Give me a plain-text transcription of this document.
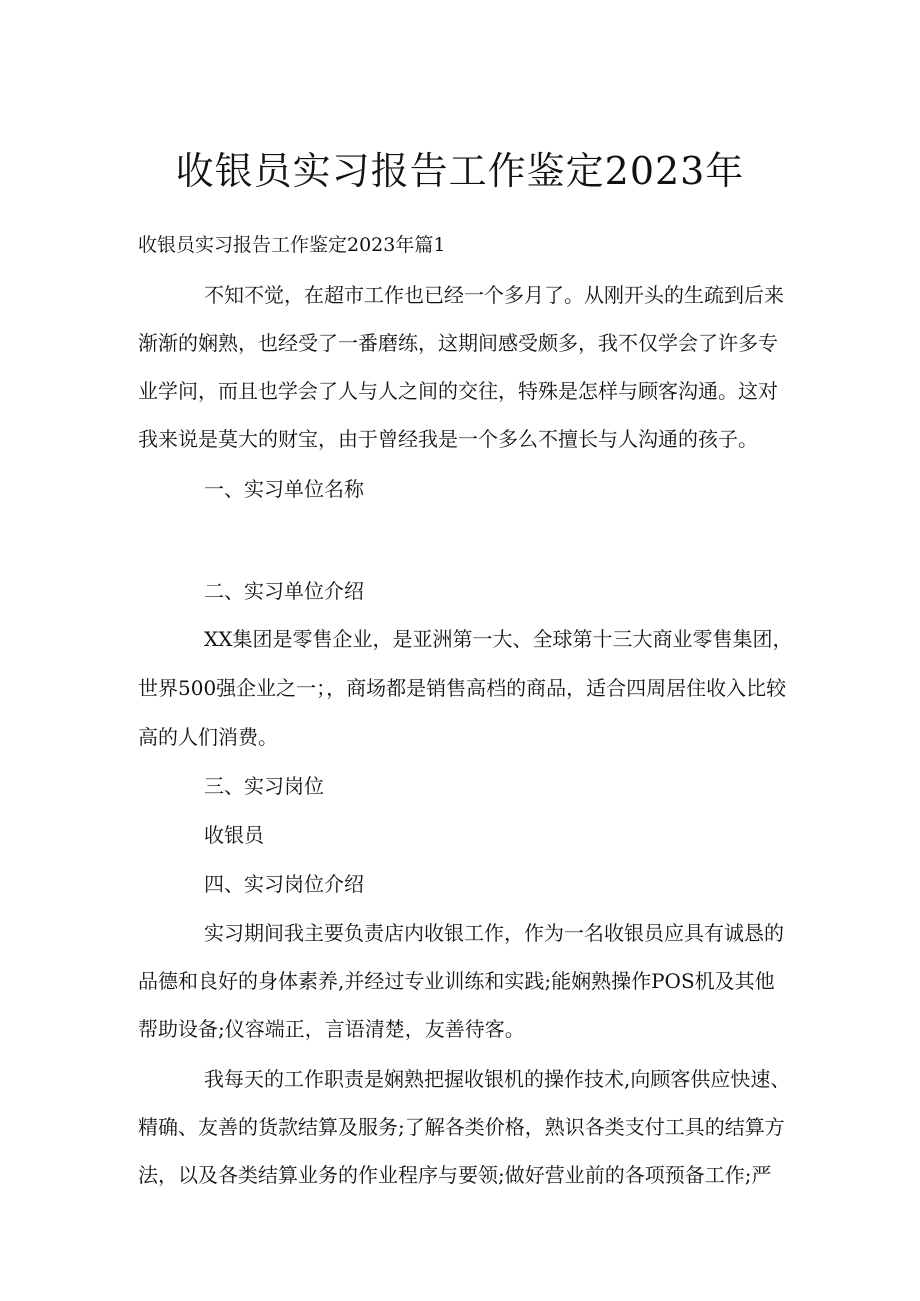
收银员实习报告工作鉴定2023年
收银员实习报告工作鉴定2023年篇1
不知不觉，在超市工作也已经一个多月了。从刚开头的生疏到后来
渐渐的娴熟，也经受了一番磨练，这期间感受颇多，我不仅学会了许多专
业学问，而且也学会了人与人之间的交往，特殊是怎样与顾客沟通。这对
我来说是莫大的财宝，由于曾经我是一个多么不擅长与人沟通的孩子。
一、实习单位名称
二、实习单位介绍
XX集团是零售企业，是亚洲第一大、全球第十三大商业零售集团，
世界500强企业之一；，商场都是销售高档的商品，适合四周居住收入比较
高的人们消费。
三、实习岗位
收银员
四、实习岗位介绍
实习期间我主要负责店内收银工作，作为一名收银员应具有诚恳的
品德和良好的身体素养,并经过专业训练和实践;能娴熟操作POS机及其他
帮助设备;仪容端正，言语清楚，友善待客。
我每天的工作职责是娴熟把握收银机的操作技术,向顾客供应快速、
精确、友善的货款结算及服务;了解各类价格，熟识各类支付工具的结算方
法，以及各类结算业务的作业程序与要领;做好营业前的各项预备工作;严
